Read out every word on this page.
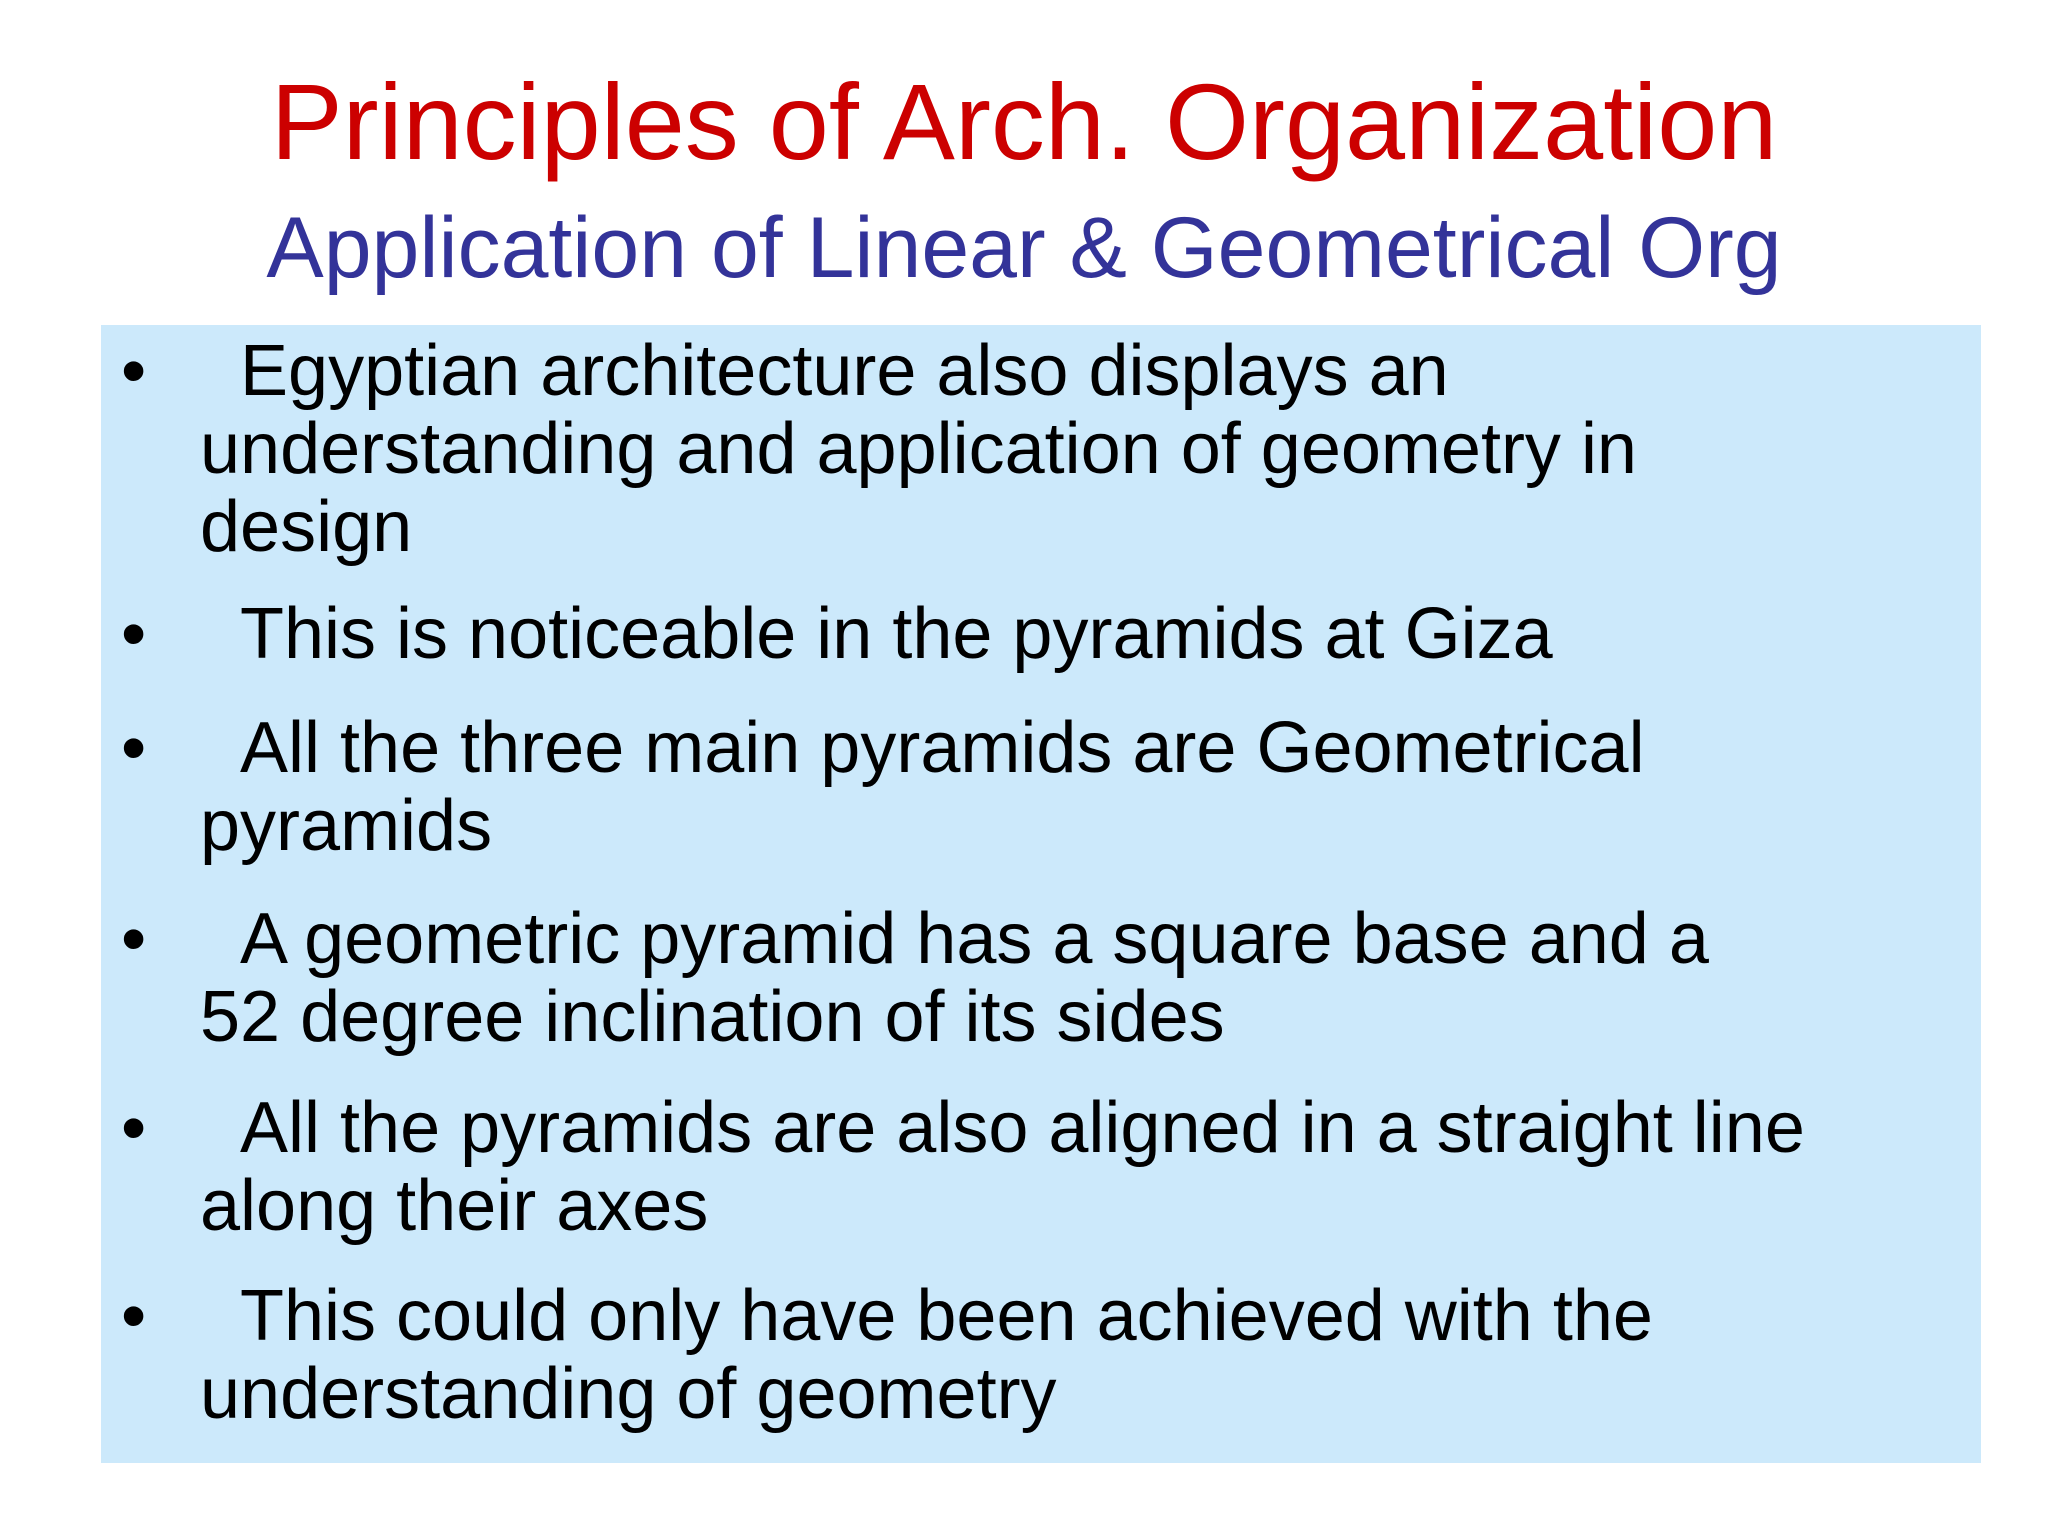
Principles of Arch. Organization
Application of Linear & Geometrical Org
• Egyptian architecture also displays an
understanding and application of geometry in
design
• This is noticeable in the pyramids at Giza
• All the three main pyramids are Geometrical
pyramids
• A geometric pyramid has a square base and a
52 degree inclination of its sides
• All the pyramids are also aligned in a straight line
along their axes
• This could only have been achieved with the
understanding of geometry
